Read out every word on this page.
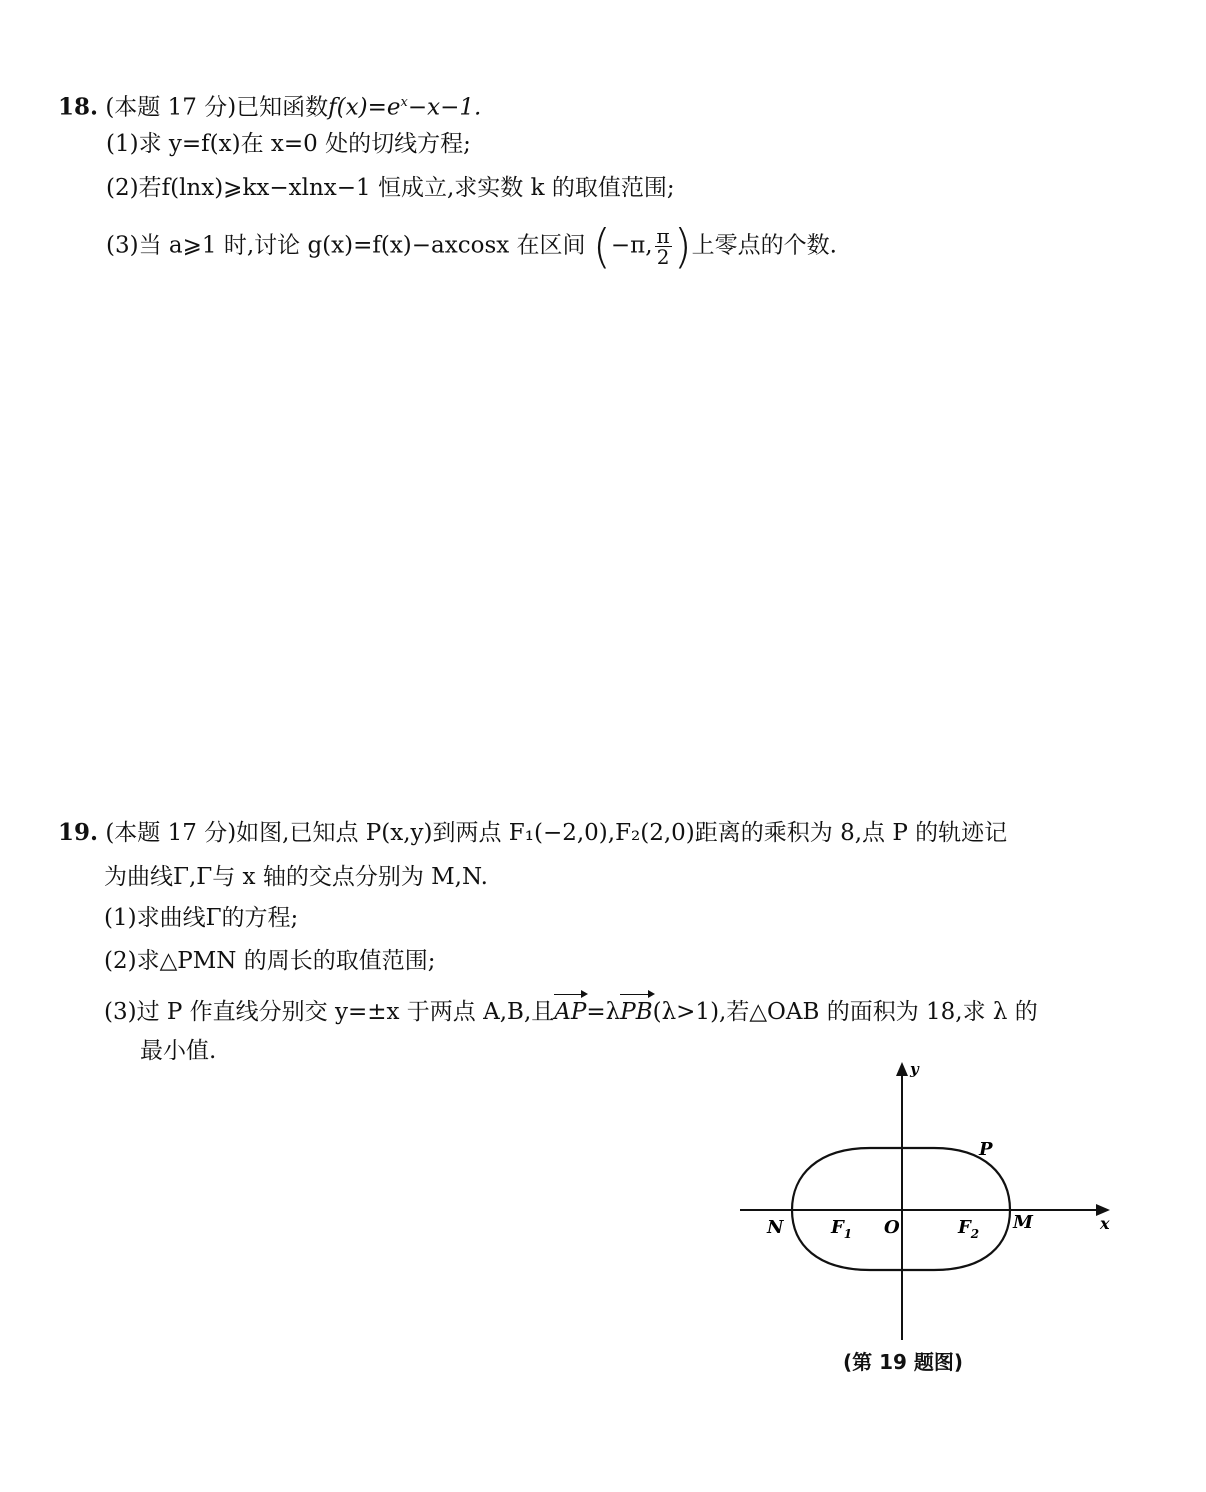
18. (本题 17 分)已知函数$f(x)=e^x-x-1$.
(1)求 y=f(x)在 x=0 处的切线方程;
(2)若f(lnx)⩾kx−xlnx−1 恒成立,求实数 k 的取值范围;
(3)当 a⩾1 时,讨论 g(x)=f(x)−axcosx 在区间 (−π, $\frac{\pi}{2}$ )上零点的个数.
19. (本题 17 分)如图,已知点 P(x,y)到两点 F₁(−2,0),F₂(2,0)距离的乘积为 8,点 P 的轨迹记
为曲线Γ,Γ与 x 轴的交点分别为 M,N.
(1)求曲线Γ的方程;
(2)求△PMN 的周长的取值范围;
(3)过 P 作直线分别交 y=±x 于两点 A,B,且AP=λPB(λ>1),若△OAB 的面积为 18,求 λ 的
最小值.
y
x
P
N	O	M
$F_1$	$F_2$
(第 19 题图)
